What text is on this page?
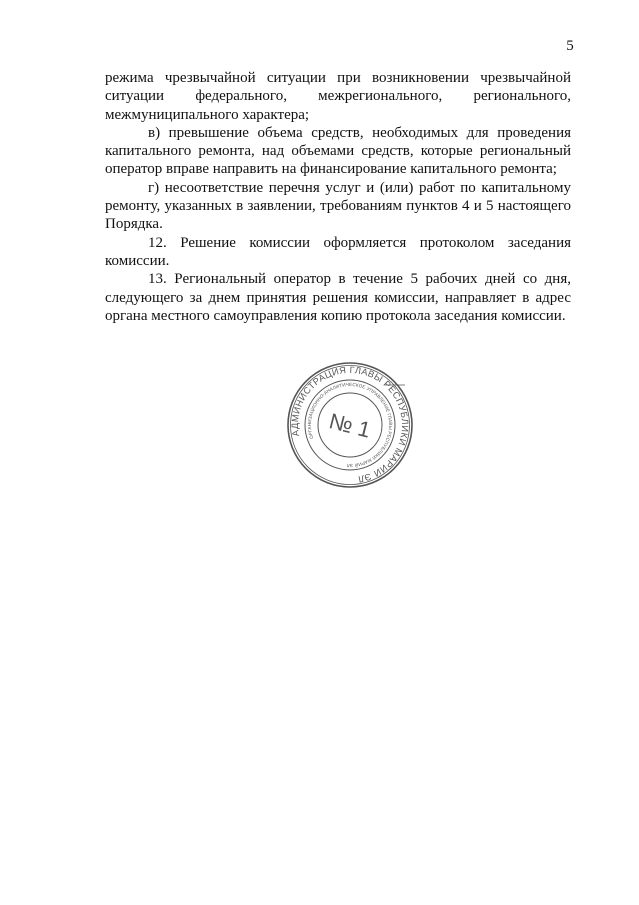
5

режима чрезвычайной ситуации при возникновении чрезвычайной ситуации федерального, межрегионального, регионального, межмуниципального характера;

в) превышение объема средств, необходимых для проведения капитального ремонта, над объемами средств, которые региональный оператор вправе направить на финансирование капитального ремонта;

г) несоответствие перечня услуг и (или) работ по капитальному ремонту, указанных в заявлении, требованиям пунктов 4 и 5 настоящего Порядка.

12. Решение комиссии оформляется протоколом заседания комиссии.

13. Региональный оператор в течение 5 рабочих дней со дня, следующего за днем принятия решения комиссии, направляет в адрес органа местного самоуправления копию протокола заседания комиссии.

АДМИНИСТРАЦИЯ ГЛАВЫ РЕСПУБЛИКИ МАРИЙ ЭЛ
ОРГАНИЗАЦИОННО-АНАЛИТИЧЕСКОЕ УПРАВЛЕНИЕ ГЛАВЫ РЕСПУБЛИКИ МАРИЙ ЭЛ
№ 1
